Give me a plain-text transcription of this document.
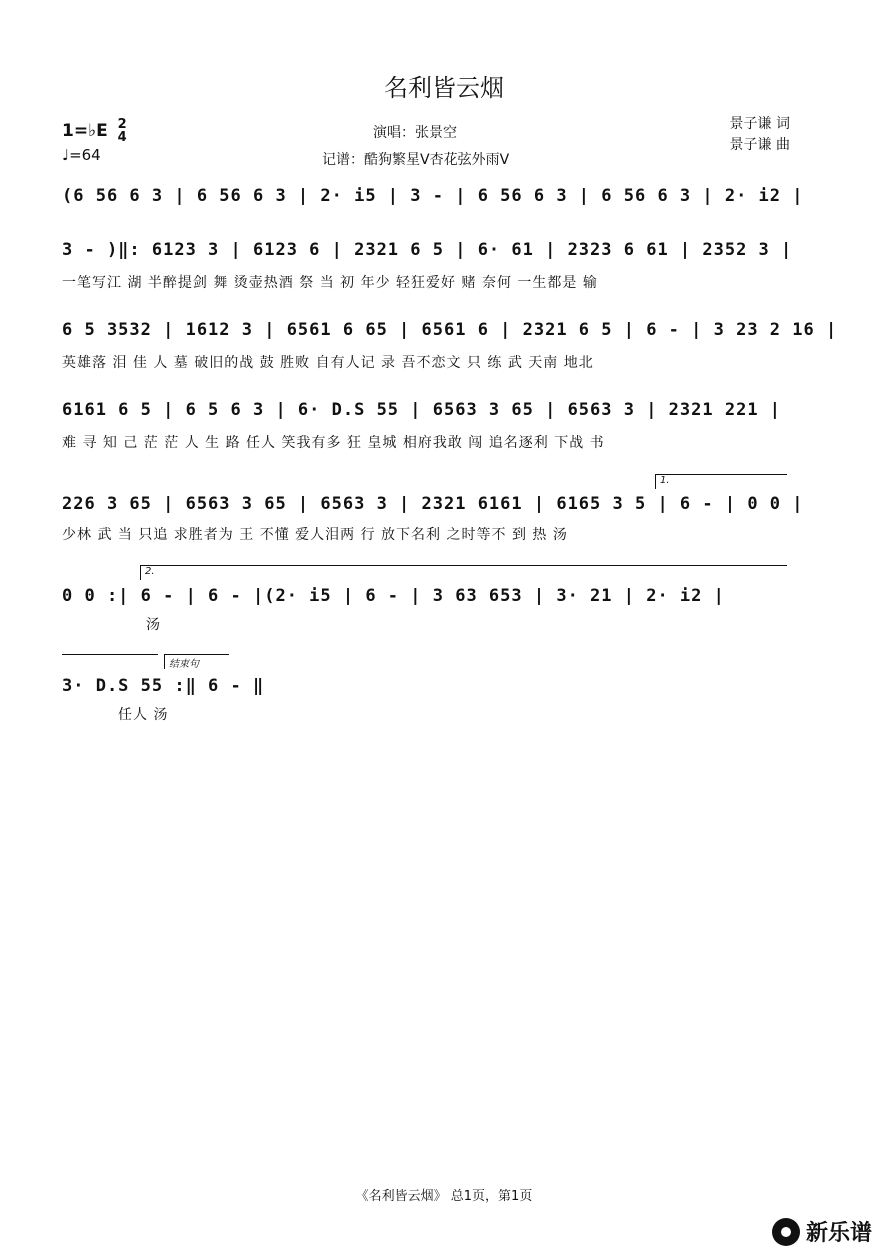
名利皆云烟
1=♭E 2
4
♩=64
演唱：张景空
记谱：酷狗繁星V杏花弦外雨V
景子谦 词
景子谦 曲
(6 56 6 3 | 6 56 6 3 | 2· i5 | 3 - | 6 56 6 3 | 6 56 6 3 | 2· i2 |
3 - )‖: 6123 3 | 6123 6 | 2321 6 5 | 6· 61 | 2323 6 61 | 2352 3 |
一笔写江 湖 半醉提剑 舞 烫壶热酒 祭 当 初 年少 轻狂爱好 赌 奈何 一生都是 输
6 5 3532 | 1612 3 | 6561 6 65 | 6561 6 | 2321 6 5 | 6 - | 3 23 2 16 |
英雄落 泪 佳 人 墓 破旧的战 鼓 胜败 自有人记 录 吾不恋文 只 练 武 天南 地北
6161 6 5 | 6 5 6 3 | 6· D.S 55 | 6563 3 65 | 6563 3 | 2321 221 |
难 寻 知 己 茫 茫 人 生 路 任人 笑我有多 狂 皇城 相府我敢 闯 追名逐利 下战 书
1.
226 3 65 | 6563 3 65 | 6563 3 | 2321 6161 | 6165 3 5 | 6 - | 0 0 |
少林 武 当 只追 求胜者为 王 不懂 爱人泪两 行 放下名利 之时等不 到 热 汤
2.
0 0 :| 6 - | 6 - |(2· i5 | 6 - | 3 63 653 | 3· 21 | 2· i2 |
汤
结束句
3· D.S 55 :‖ 6 - ‖
任人 汤
《名利皆云烟》 总1页，第1页
新乐谱
